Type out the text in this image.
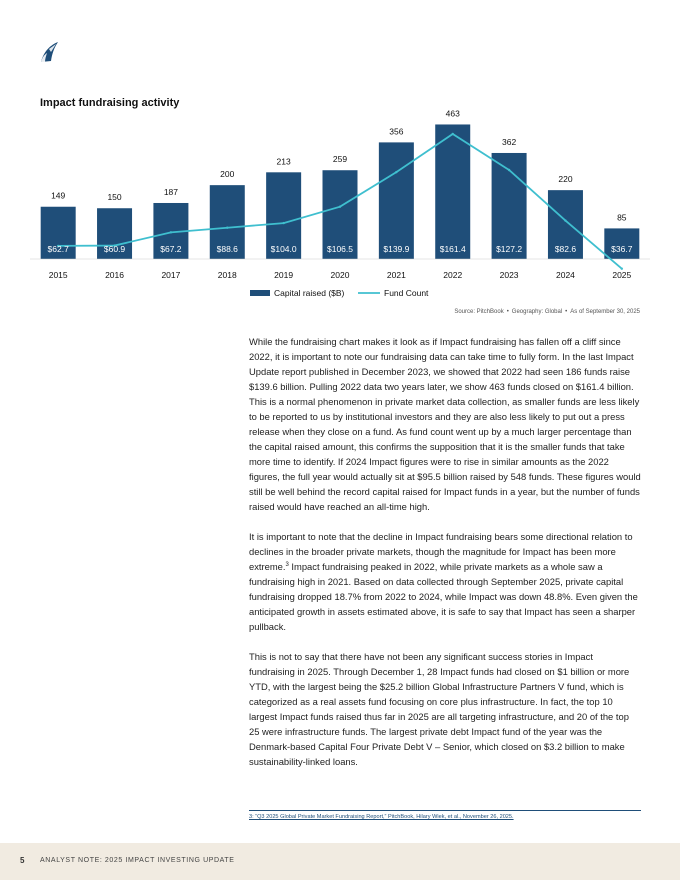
Impact fundraising activity
$62.7	$60.9	$67.2	$88.6	$104.0	$106.5	$139.9	$161.4	$127.2	$82.6	$36.7
149	150
187
200
213	259
356
463
362
220
85
2015	2016	2017	2018	2019	2020	2021	2022	2023	2024	2025
Capital raised ($B)	Fund Count
Source: PitchBook • Geography: Global • As of September 30, 2025

While the fundraising chart makes it look as if Impact fundraising has fallen off a cliff since 2022, it is important to note our fundraising data can take time to fully form. In the last Impact Update report published in December 2023, we showed that 2022 had seen 186 funds raise $139.6 billion. Pulling 2022 data two years later, we show 463 funds closed on $161.4 billion. This is a normal phenomenon in private market data collection, as smaller funds are less likely to be reported to us by institutional investors and they are also less likely to put out a press release when they close on a fund. As fund count went up by a much larger percentage than the capital raised amount, this confirms the supposition that it is the smaller funds that take more time to identify. If 2024 Impact figures were to rise in similar amounts as the 2022 figures, the full year would actually sit at $95.5 billion raised by 548 funds. These figures would still be well behind the record capital raised for Impact funds in a year, but the number of funds raised would have reached an all-time high.

It is important to note that the decline in Impact fundraising bears some directional relation to declines in the broader private markets, though the magnitude for Impact has been more extreme.$^3$ Impact fundraising peaked in 2022, while private markets as a whole saw a fundraising high in 2021. Based on data collected through September 2025, private capital fundraising dropped 18.7% from 2022 to 2024, while Impact was down 48.8%. Even given the anticipated growth in assets estimated above, it is safe to say that Impact has seen a sharper pullback.

This is not to say that there have not been any significant success stories in Impact fundraising in 2025. Through December 1, 28 Impact funds had closed on $1 billion or more YTD, with the largest being the $25.2 billion Global Infrastructure Partners V fund, which is categorized as a real assets fund focusing on core plus infrastructure. In fact, the top 10 largest Impact funds raised thus far in 2025 are all targeting infrastructure, and 20 of the top 25 were infrastructure funds. The largest private debt Impact fund of the year was the Denmark-based Capital Four Private Debt V – Senior, which closed on $3.2 billion to make sustainability-linked loans.

3: “Q3 2025 Global Private Market Fundraising Report,” PitchBook, Hilary Wiek, et al., November 26, 2025.
5 ANALYST NOTE: 2025 IMPACT INVESTING UPDATE
